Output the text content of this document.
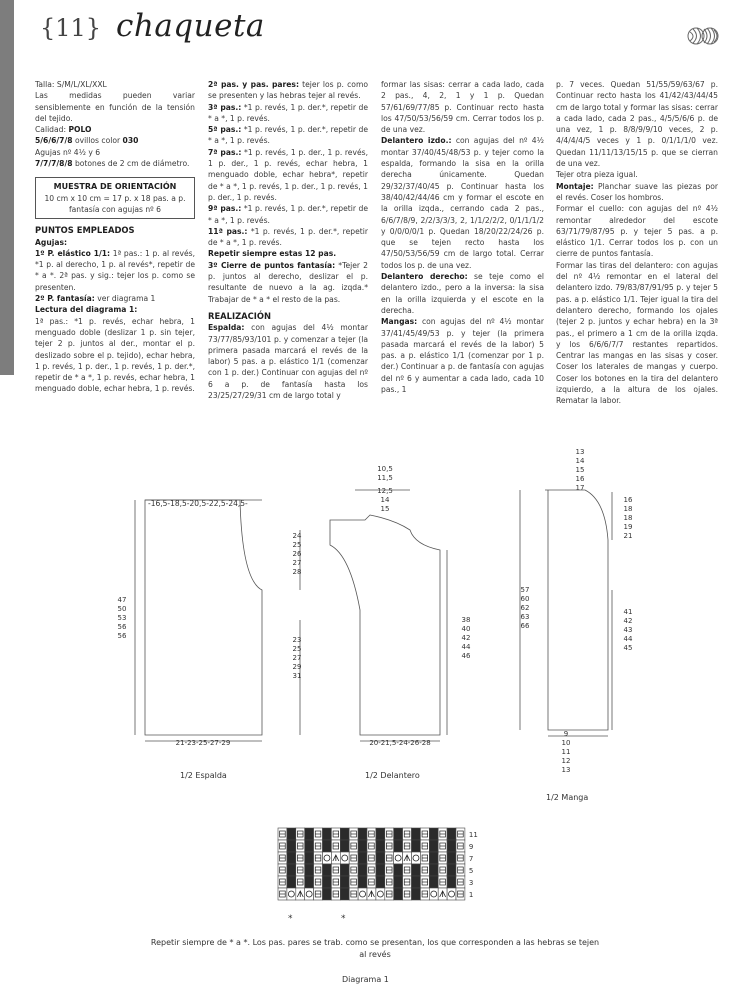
{11} chaqueta

Talla: S/M/L/XL/XXL

Las medidas pueden variar sensiblemente en función de la tensión del tejido.

Calidad: POLO

5/6/6/7/8 ovillos color 030

Agujas nº 4½ y 6

7/7/7/8/8 botones de 2 cm de diámetro.

MUESTRA DE ORIENTACIÓN
10 cm x 10 cm = 17 p. x 18 pas. a p. fantasía con agujas nº 6

PUNTOS EMPLEADOS

Agujas:

1º P. elástico 1/1: 1ª pas.: 1 p. al revés, *1 p. al derecho, 1 p. al revés*, repetir de * a *. 2ª pas. y sig.: tejer los p. como se presenten.

2º P. fantasía: ver diagrama 1

Lectura del diagrama 1:

1ª pas.: *1 p. revés, echar hebra, 1 menguado doble (deslizar 1 p. sin tejer, tejer 2 p. juntos al der., montar el p. deslizado sobre el p. tejido), echar hebra, 1 p. revés, 1 p. der., 1 p. revés, 1 p. der.*, repetir de * a *, 1 p. revés, echar hebra, 1 menguado doble, echar hebra, 1 p. revés.

2ª pas. y pas. pares: tejer los p. como se presenten y las hebras tejer al revés.

3ª pas.: *1 p. revés, 1 p. der.*, repetir de * a *, 1 p. revés.

5ª pas.: *1 p. revés, 1 p. der.*, repetir de * a *, 1 p. revés.

7ª pas.: *1 p. revés, 1 p. der., 1 p. revés, 1 p. der., 1 p. revés, echar hebra, 1 menguado doble, echar hebra*, repetir de * a *, 1 p. revés, 1 p. der., 1 p. revés, 1 p. der., 1 p. revés.

9ª pas.: *1 p. revés, 1 p. der.*, repetir de * a *, 1 p. revés.

11ª pas.: *1 p. revés, 1 p. der.*, repetir de * a *, 1 p. revés.

Repetir siempre estas 12 pas.

3º Cierre de puntos fantasía: *Tejer 2 p. juntos al derecho, deslizar el p. resultante de nuevo a la ag. izqda.* Trabajar de * a * el resto de la pas.

REALIZACIÓN

Espalda: con agujas del 4½ montar 73/77/85/93/101 p. y comenzar a tejer (la primera pasada marcará el revés de la labor) 5 pas. a p. elástico 1/1 (comenzar con 1 p. der.) Continuar con agujas del nº 6 a p. de fantasía hasta los 23/25/27/29/31 cm de largo total y

formar las sisas: cerrar a cada lado, cada 2 pas., 4, 2, 1 y 1 p. Quedan 57/61/69/77/85 p. Continuar recto hasta los 47/50/53/56/59 cm. Cerrar todos los p. de una vez.

Delantero izdo.: con agujas del nº 4½ montar 37/40/45/48/53 p. y tejer como la espalda, formando la sisa en la orilla derecha únicamente. Quedan 29/32/37/40/45 p. Continuar hasta los 38/40/42/44/46 cm y formar el escote en la orilla izqda., cerrando cada 2 pas., 6/6/7/8/9, 2/2/3/3/3, 2, 1/1/2/2/2, 0/1/1/1/2 y 0/0/0/0/1 p. Quedan 18/20/22/24/26 p. que se tejen recto hasta los 47/50/53/56/59 cm de largo total. Cerrar todos los p. de una vez.

Delantero derecho: se teje como el delantero izdo., pero a la inversa: la sisa en la orilla izquierda y el escote en la derecha.

Mangas: con agujas del nº 4½ montar 37/41/45/49/53 p. y tejer (la primera pasada marcará el revés de la labor) 5 pas. a p. elástico 1/1 (comenzar por 1 p. der.) Continuar a p. de fantasía con agujas del nº 6 y aumentar a cada lado, cada 10 pas., 1

p. 7 veces. Quedan 51/55/59/63/67 p. Continuar recto hasta los 41/42/43/44/45 cm de largo total y formar las sisas: cerrar a cada lado, cada 2 pas., 4/5/5/6/6 p. de una vez, 1 p. 8/8/9/9/10 veces, 2 p. 4/4/4/4/5 veces y 1 p. 0/1/1/1/0 vez. Quedan 11/11/13/15/15 p. que se cierran de una vez.

Tejer otra pieza igual.

Montaje: Planchar suave las piezas por el revés. Coser los hombros.

Formar el cuello: con agujas del nº 4½ remontar alrededor del escote 63/71/79/87/95 p. y tejer 5 pas. a p. elástico 1/1. Cerrar todos los p. con un cierre de puntos fantasía.

Formar las tiras del delantero: con agujas del nº 4½ remontar en el lateral del delantero izdo. 79/83/87/91/95 p. y tejer 5 pas. a p. elástico 1/1. Tejer igual la tira del delantero derecho, formando los ojales (tejer 2 p. juntos y echar hebra) en la 3ª pas., el primero a 1 cm de la orilla izqda. y los 6/6/6/7/7 restantes repartidos. Centrar las mangas en las sisas y coser. Coser los laterales de mangas y cuerpo. Coser los botones en la tira del delantero izquierdo, a la altura de los ojales. Rematar la labor.

-16,5-18,5-20,5-22,5-24,5-
24
25
26
27
28
47
50
53
56
56	23
25
27
29
31
21-23-25-27-29
1/2 Espalda
10,5
11,5
12,5
14
15
38
40
42
44
46
20-21,5-24-26-28
1/2 Delantero
13
14
15
16
17
16
18
18
19
21
57
60
62
63
66
41
42
43
44
45
9
10
11
12
13
1/2 Manga
11
9
7
5
3
1
*	*
Repetir siempre de * a *. Los pas. pares se trab. como se presentan, los que corresponden a las hebras se tejen al revés
Diagrama 1
